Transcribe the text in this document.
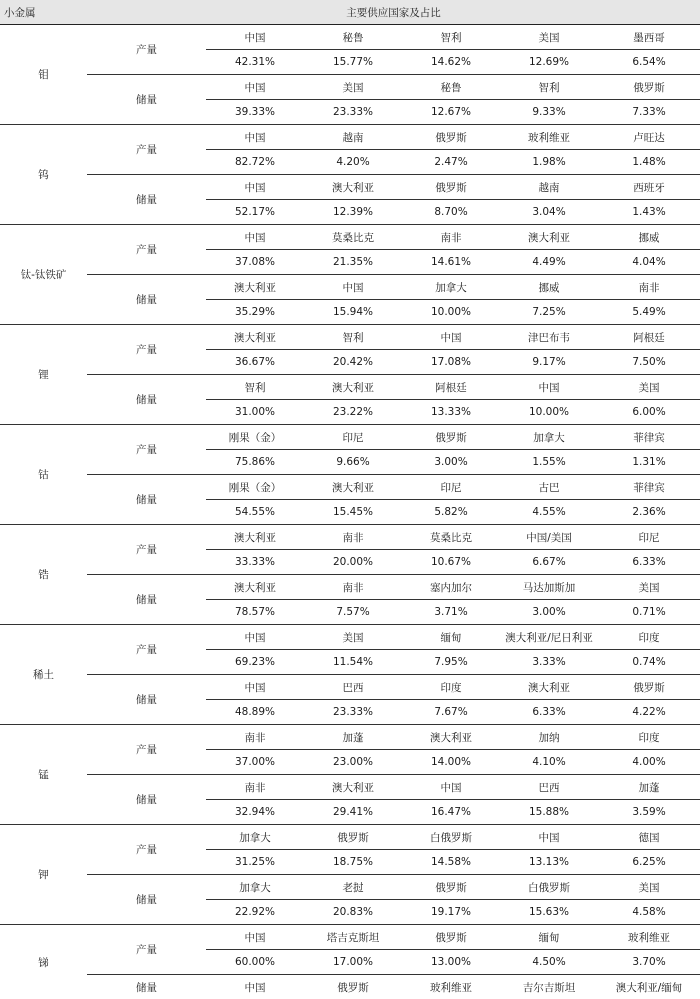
小金属	主要供应国家及占比					
钼	产量	中国	秘鲁	智利	美国	墨西哥
		42.31%	15.77%	14.62%	12.69%	6.54%
	储量	中国	美国	秘鲁	智利	俄罗斯
		39.33%	23.33%	12.67%	9.33%	7.33%
钨	产量	中国	越南	俄罗斯	玻利维亚	卢旺达
		82.72%	4.20%	2.47%	1.98%	1.48%
	储量	中国	澳大利亚	俄罗斯	越南	西班牙
		52.17%	12.39%	8.70%	3.04%	1.43%
钛-钛铁矿	产量	中国	莫桑比克	南非	澳大利亚	挪威
		37.08%	21.35%	14.61%	4.49%	4.04%
	储量	澳大利亚	中国	加拿大	挪威	南非
		35.29%	15.94%	10.00%	7.25%	5.49%
锂	产量	澳大利亚	智利	中国	津巴布韦	阿根廷
		36.67%	20.42%	17.08%	9.17%	7.50%
	储量	智利	澳大利亚	阿根廷	中国	美国
		31.00%	23.22%	13.33%	10.00%	6.00%
钴	产量	刚果（金）	印尼	俄罗斯	加拿大	菲律宾
		75.86%	9.66%	3.00%	1.55%	1.31%
	储量	刚果（金）	澳大利亚	印尼	古巴	菲律宾
		54.55%	15.45%	5.82%	4.55%	2.36%
锆	产量	澳大利亚	南非	莫桑比克	中国/美国	印尼
		33.33%	20.00%	10.67%	6.67%	6.33%
	储量	澳大利亚	南非	塞内加尔	马达加斯加	美国
		78.57%	7.57%	3.71%	3.00%	0.71%
稀土	产量	中国	美国	缅甸	澳大利亚/尼日利亚	印度
		69.23%	11.54%	7.95%	3.33%	0.74%
	储量	中国	巴西	印度	澳大利亚	俄罗斯
		48.89%	23.33%	7.67%	6.33%	4.22%
锰	产量	南非	加蓬	澳大利亚	加纳	印度
		37.00%	23.00%	14.00%	4.10%	4.00%
	储量	南非	澳大利亚	中国	巴西	加蓬
		32.94%	29.41%	16.47%	15.88%	3.59%
钾	产量	加拿大	俄罗斯	白俄罗斯	中国	德国
		31.25%	18.75%	14.58%	13.13%	6.25%
	储量	加拿大	老挝	俄罗斯	白俄罗斯	美国
		22.92%	20.83%	19.17%	15.63%	4.58%
锑	产量	中国	塔吉克斯坦	俄罗斯	缅甸	玻利维亚
		60.00%	17.00%	13.00%	4.50%	3.70%
	储量	中国	俄罗斯	玻利维亚	吉尔吉斯坦	澳大利亚/缅甸
